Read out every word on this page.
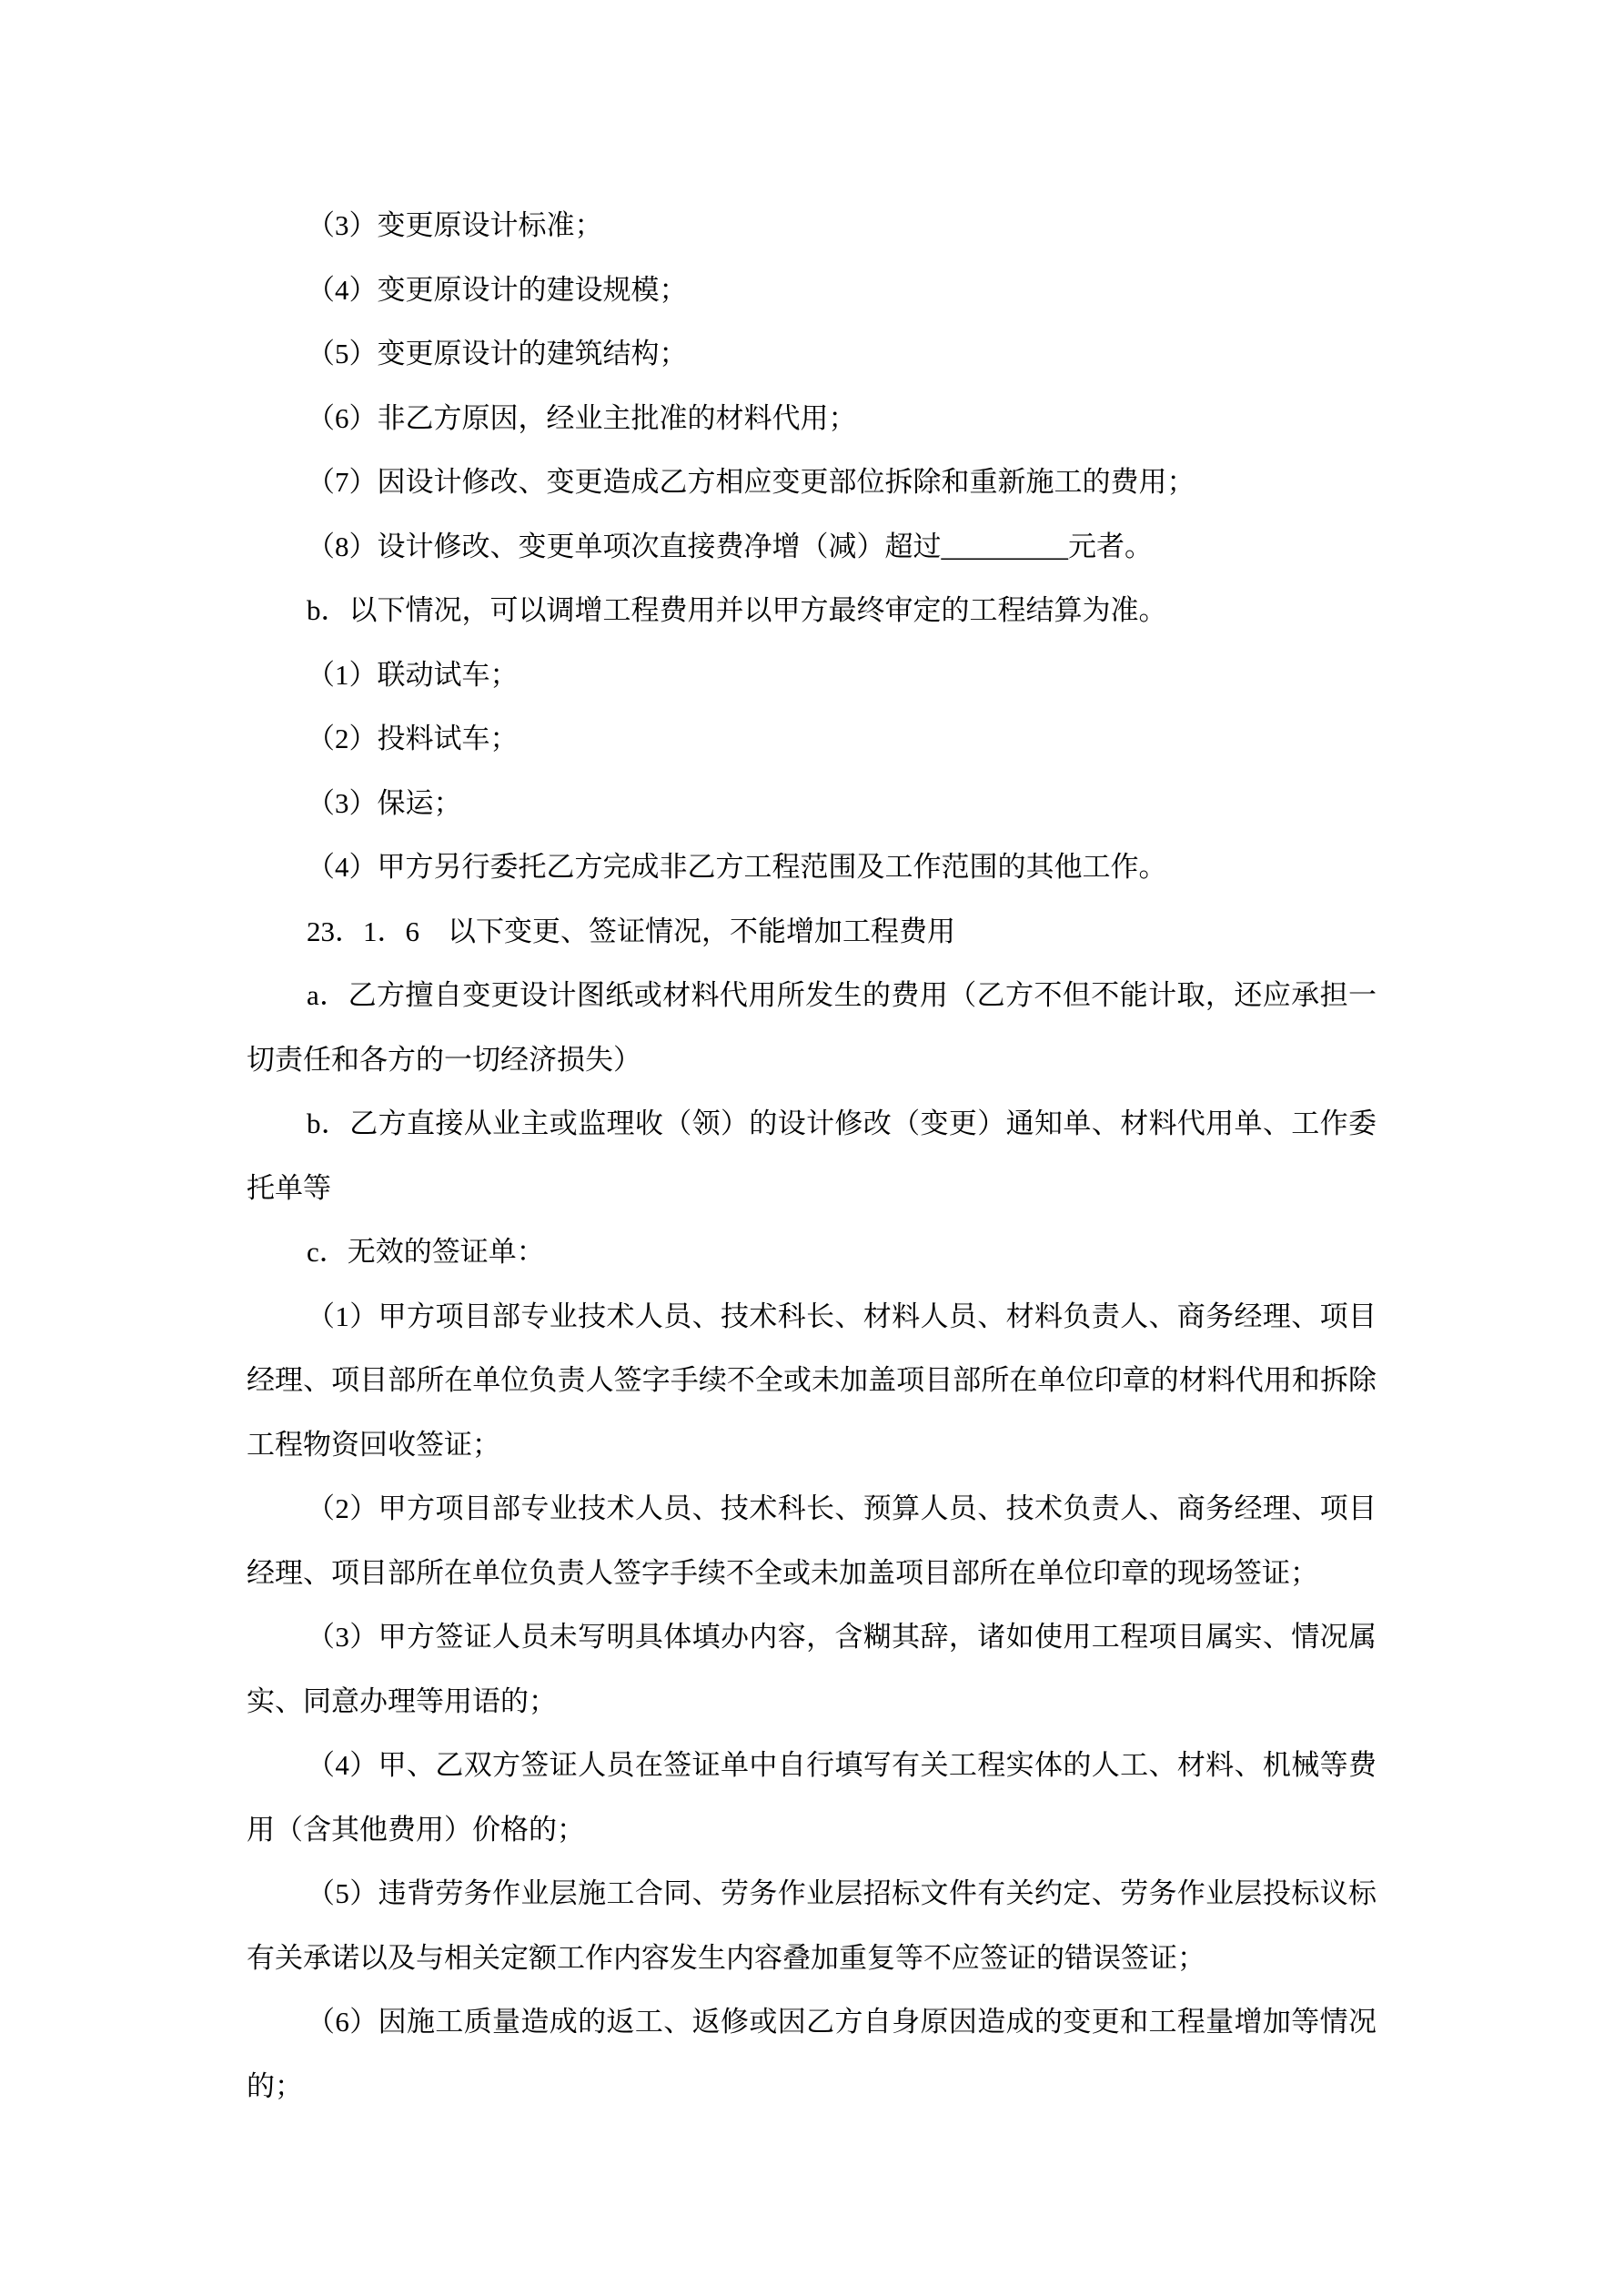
（3）变更原设计标准；
（4）变更原设计的建设规模；
（5）变更原设计的建筑结构；
（6）非乙方原因，经业主批准的材料代用；
（7）因设计修改、变更造成乙方相应变更部位拆除和重新施工的费用；
（8）设计修改、变更单项次直接费净增（减）超过_________元者。
b．以下情况，可以调增工程费用并以甲方最终审定的工程结算为准。
（1）联动试车；
（2）投料试车；
（3）保运；
（4）甲方另行委托乙方完成非乙方工程范围及工作范围的其他工作。
23．1．6　以下变更、签证情况，不能增加工程费用
a．乙方擅自变更设计图纸或材料代用所发生的费用（乙方不但不能计取，还应承担一
切责任和各方的一切经济损失）
b．乙方直接从业主或监理收（领）的设计修改（变更）通知单、材料代用单、工作委
托单等
c．无效的签证单：
（1）甲方项目部专业技术人员、技术科长、材料人员、材料负责人、商务经理、项目
经理、项目部所在单位负责人签字手续不全或未加盖项目部所在单位印章的材料代用和拆除
工程物资回收签证；
（2）甲方项目部专业技术人员、技术科长、预算人员、技术负责人、商务经理、项目
经理、项目部所在单位负责人签字手续不全或未加盖项目部所在单位印章的现场签证；
（3）甲方签证人员未写明具体填办内容，含糊其辞，诸如使用工程项目属实、情况属
实、同意办理等用语的；
（4）甲、乙双方签证人员在签证单中自行填写有关工程实体的人工、材料、机械等费
用（含其他费用）价格的；
（5）违背劳务作业层施工合同、劳务作业层招标文件有关约定、劳务作业层投标议标
有关承诺以及与相关定额工作内容发生内容叠加重复等不应签证的错误签证；
（6）因施工质量造成的返工、返修或因乙方自身原因造成的变更和工程量增加等情况
的；
